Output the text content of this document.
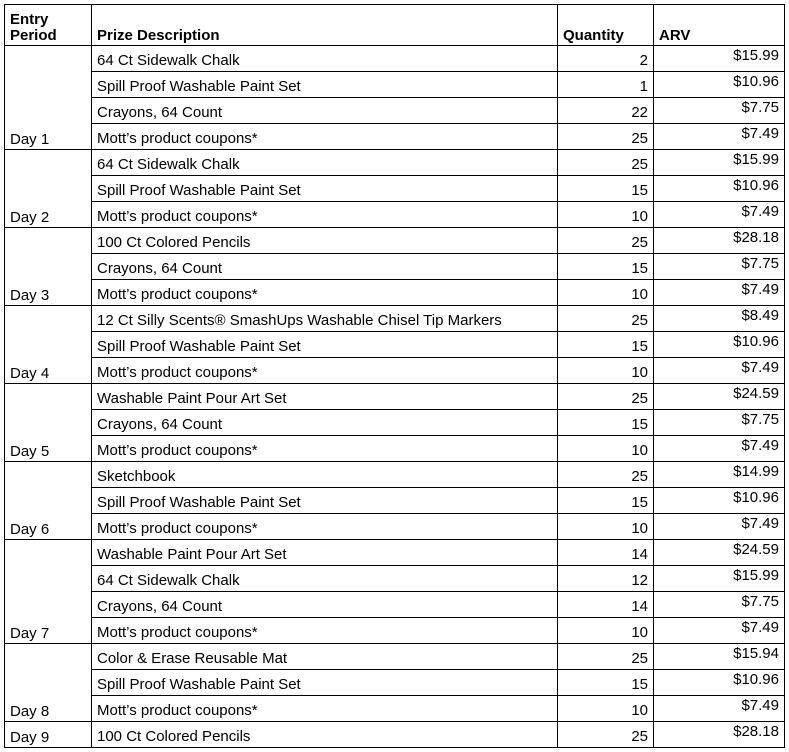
Entry
Period	Prize Description	Quantity	ARV
Day 1	64 Ct Sidewalk Chalk	2	$15.99
	Spill Proof Washable Paint Set	1	$10.96
	Crayons, 64 Count	22	$7.75
	Mott’s product coupons*	25	$7.49
Day 2	64 Ct Sidewalk Chalk	25	$15.99
	Spill Proof Washable Paint Set	15	$10.96
	Mott’s product coupons*	10	$7.49
Day 3	100 Ct Colored Pencils	25	$28.18
	Crayons, 64 Count	15	$7.75
	Mott’s product coupons*	10	$7.49
Day 4	12 Ct Silly Scents® SmashUps Washable Chisel Tip Markers	25	$8.49
	Spill Proof Washable Paint Set	15	$10.96
	Mott’s product coupons*	10	$7.49
Day 5	Washable Paint Pour Art Set	25	$24.59
	Crayons, 64 Count	15	$7.75
	Mott’s product coupons*	10	$7.49
Day 6	Sketchbook	25	$14.99
	Spill Proof Washable Paint Set	15	$10.96
	Mott’s product coupons*	10	$7.49
Day 7	Washable Paint Pour Art Set	14	$24.59
	64 Ct Sidewalk Chalk	12	$15.99
	Crayons, 64 Count	14	$7.75
	Mott’s product coupons*	10	$7.49
Day 8	Color & Erase Reusable Mat	25	$15.94
	Spill Proof Washable Paint Set	15	$10.96
	Mott’s product coupons*	10	$7.49
Day 9	100 Ct Colored Pencils	25	$28.18
